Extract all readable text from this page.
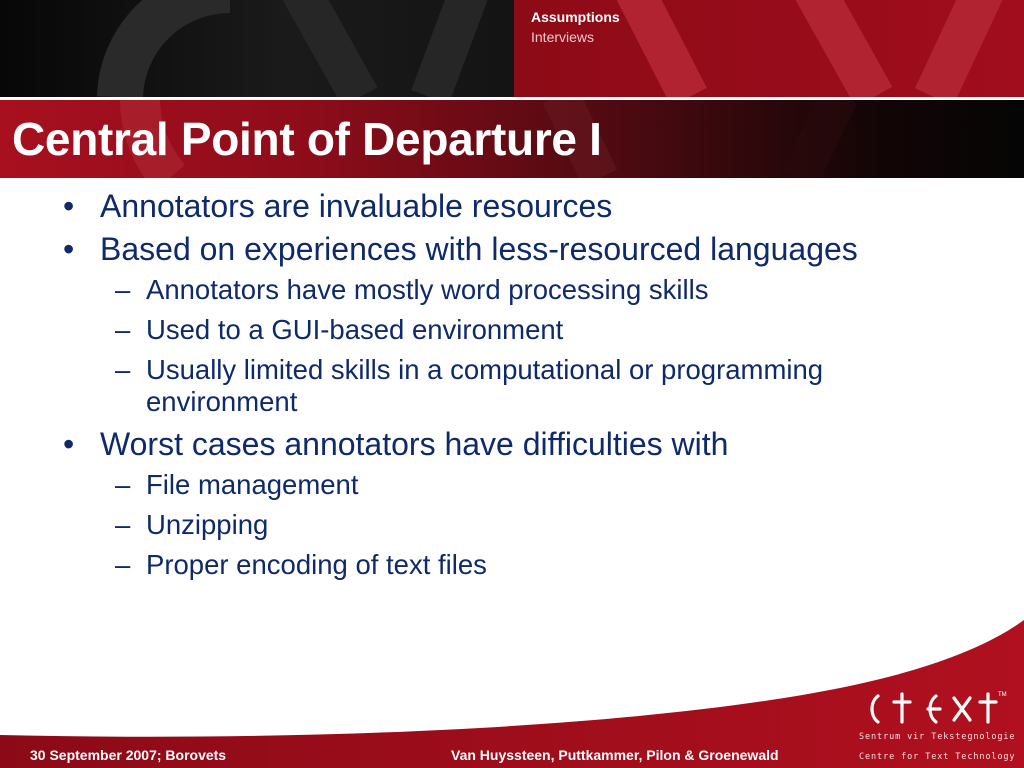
Assumptions
Interviews
Central Point of Departure I
• Annotators are invaluable resources
• Based on experiences with less-resourced languages
– Annotators have mostly word processing skills
– Used to a GUI-based environment
– Usually limited skills in a computational or programming environment
• Worst cases annotators have difficulties with
– File management
– Unzipping
– Proper encoding of text files
30 September 2007; Borovets	Van Huyssteen, Puttkammer, Pilon & Groenewald
TM
Sentrum vir Tekstegnologie
Centre for Text Technology
